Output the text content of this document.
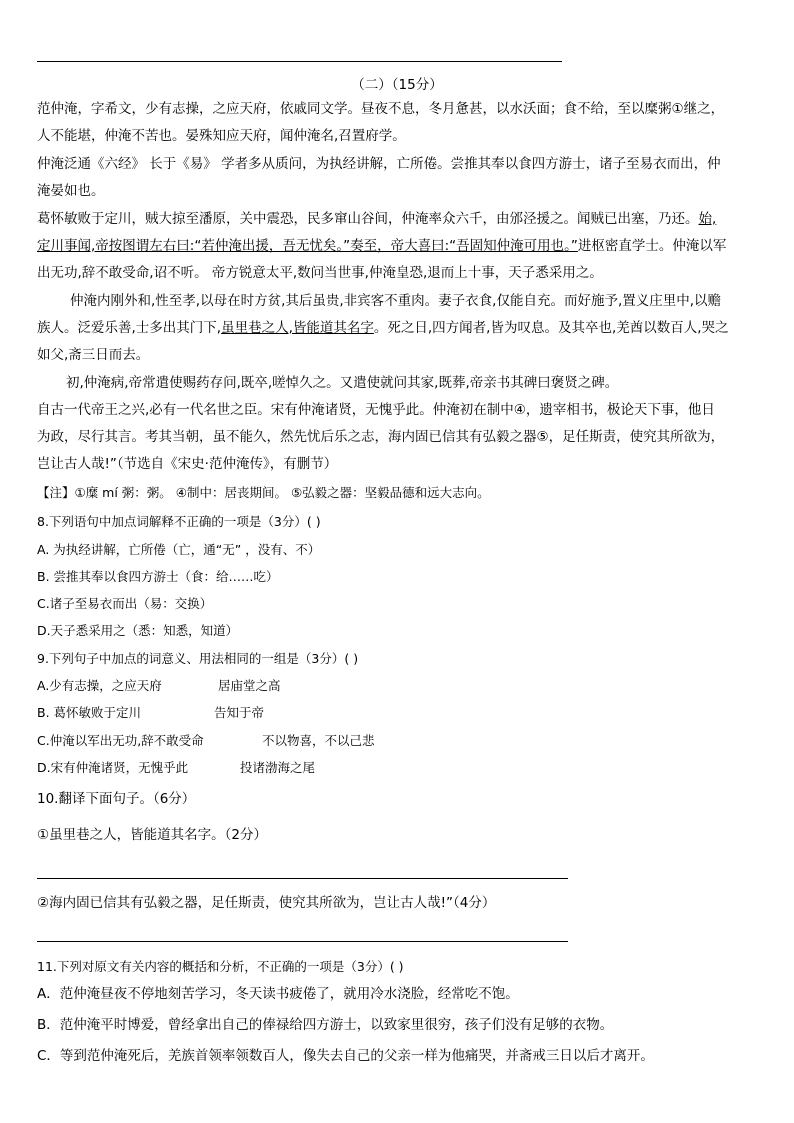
（二）（15分）
范仲淹，字希文，少有志操，之应天府，依戚同文学。昼夜不息，冬月惫甚，以水沃面；食不给，至以糜粥①继之，
人不能堪，仲淹不苦也。晏殊知应天府，闻仲淹名,召置府学。
仲淹泛通《六经》 长于《易》 学者多从质问，为执经讲解，亡所倦。尝推其奉以食四方游士，诸子至易衣而出，仲
淹晏如也。
葛怀敏败于定川，贼大掠至潘原，关中震恐，民多窜山谷间，仲淹率众六千，由邠泾援之。闻贼已出塞，乃还。始,
定川事闻,帝按图谓左右曰:“若仲淹出援，吾无忧矣。”奏至，帝大喜曰:“吾固知仲淹可用也。”进枢密直学士。仲淹以军
出无功,辞不敢受命,诏不听。 帝方锐意太平,数问当世事,仲淹皇恐,退而上十事，天子悉采用之。
仲淹内刚外和,性至孝,以母在时方贫,其后虽贵,非宾客不重肉。妻子衣食,仅能自充。而好施予,置义庄里中,以赡
族人。泛爱乐善,士多出其门下,虽里巷之人,皆能道其名字。死之日,四方闻者,皆为叹息。及其卒也,羌酋以数百人,哭之
如父,斋三日而去。
初,仲淹病,帝常遣使赐药存问,既卒,嗟悼久之。又遣使就问其家,既葬,帝亲书其碑曰褒贤之碑。
自古一代帝王之兴,必有一代名世之臣。宋有仲淹诸贤，无愧乎此。仲淹初在制中④，遗宰相书，极论天下事，他日
为政，尽行其言。考其当朝，虽不能久，然先忧后乐之志，海内固已信其有弘毅之器⑤，足任斯责，使究其所欲为，
岂让古人哉!”（节选自《宋史·范仲淹传》，有删节）
【注】①糜 mí 粥：粥。 ④制中：居丧期间。 ⑤弘毅之器：坚毅品德和远大志向。
8.下列语句中加点词解释不正确的一项是（3分）( )
A. 为执经讲解，亡所倦（亡，通“无” ，没有、不）
B. 尝推其奉以食四方游士（食：给……吃）
C.诸子至易衣而出（易：交换）
D.天子悉采用之（悉：知悉，知道）
9.下列句子中加点的词意义、用法相同的一组是（3分）( )
A.少有志操，之应天府	居庙堂之高
B. 葛怀敏败于定川	告知于帝
C.仲淹以军出无功,辞不敢受命	不以物喜，不以己悲
D.宋有仲淹诸贤，无愧乎此	投诸渤海之尾
10.翻译下面句子。（6分）
①虽里巷之人，皆能道其名字。（2分）
②海内固已信其有弘毅之器，足任斯责，使究其所欲为，岂让古人哉!”（4分）
11.下列对原文有关内容的概括和分析，不正确的一项是（3分）( )
A．范仲淹昼夜不停地刻苦学习，冬天读书疲倦了，就用冷水浇脸，经常吃不饱。
B．范仲淹平时博爱，曾经拿出自己的俸禄给四方游士，以致家里很穷，孩子们没有足够的衣物。
C．等到范仲淹死后，羌族首领率领数百人，像失去自己的父亲一样为他痛哭，并斋戒三日以后才离开。
